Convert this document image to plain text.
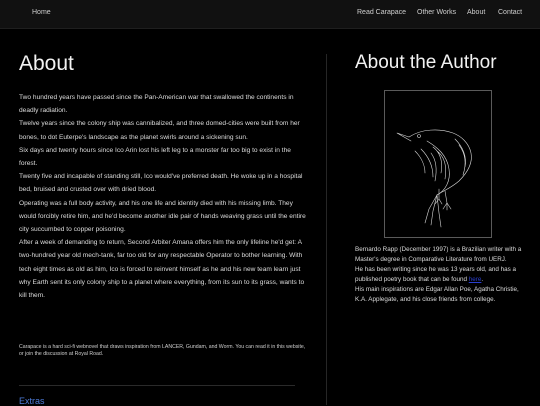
Home	Read Carapace Other Works About Contact
About

Two hundred years have passed since the Pan-American war that swallowed the continents in deadly radiation.

Twelve years since the colony ship was cannibalized, and three domed-cities were built from her bones, to dot Euterpe's landscape as the planet swirls around a sickening sun.

Six days and twenty hours since Ico Arin lost his left leg to a monster far too big to exist in the forest.

Twenty five and incapable of standing still, Ico would've preferred death. He woke up in a hospital bed, bruised and crusted over with dried blood.

Operating was a full body activity, and his one life and identity died with his missing limb. They would forcibly retire him, and he'd become another idle pair of hands weaving grass until the entire city succumbed to copper poisoning.

After a week of demanding to return, Second Arbiter Amana offers him the only lifeline he'd get: A two-hundred year old mech-tank, far too old for any respectable Operator to bother learning. With tech eight times as old as him, Ico is forced to reinvent himself as he and his new team learn just why Earth sent its only colony ship to a planet where everything, from its sun to its grass, wants to kill them.

Carapace is a hard sci-fi webnovel that draws inspiration from LANCER, Gundam, and Worm. You can read it in this website, or join the discussion at Royal Road.
Extras
About the Author

Bernardo Rapp (December 1997) is a Brazilian writer with a Master's degree in Comparative Literature from UERJ.

He has been writing since he was 13 years old, and has a published poetry book that can be found here.

His main inspirations are Edgar Allan Poe, Agatha Christie, K.A. Applegate, and his close friends from college.
